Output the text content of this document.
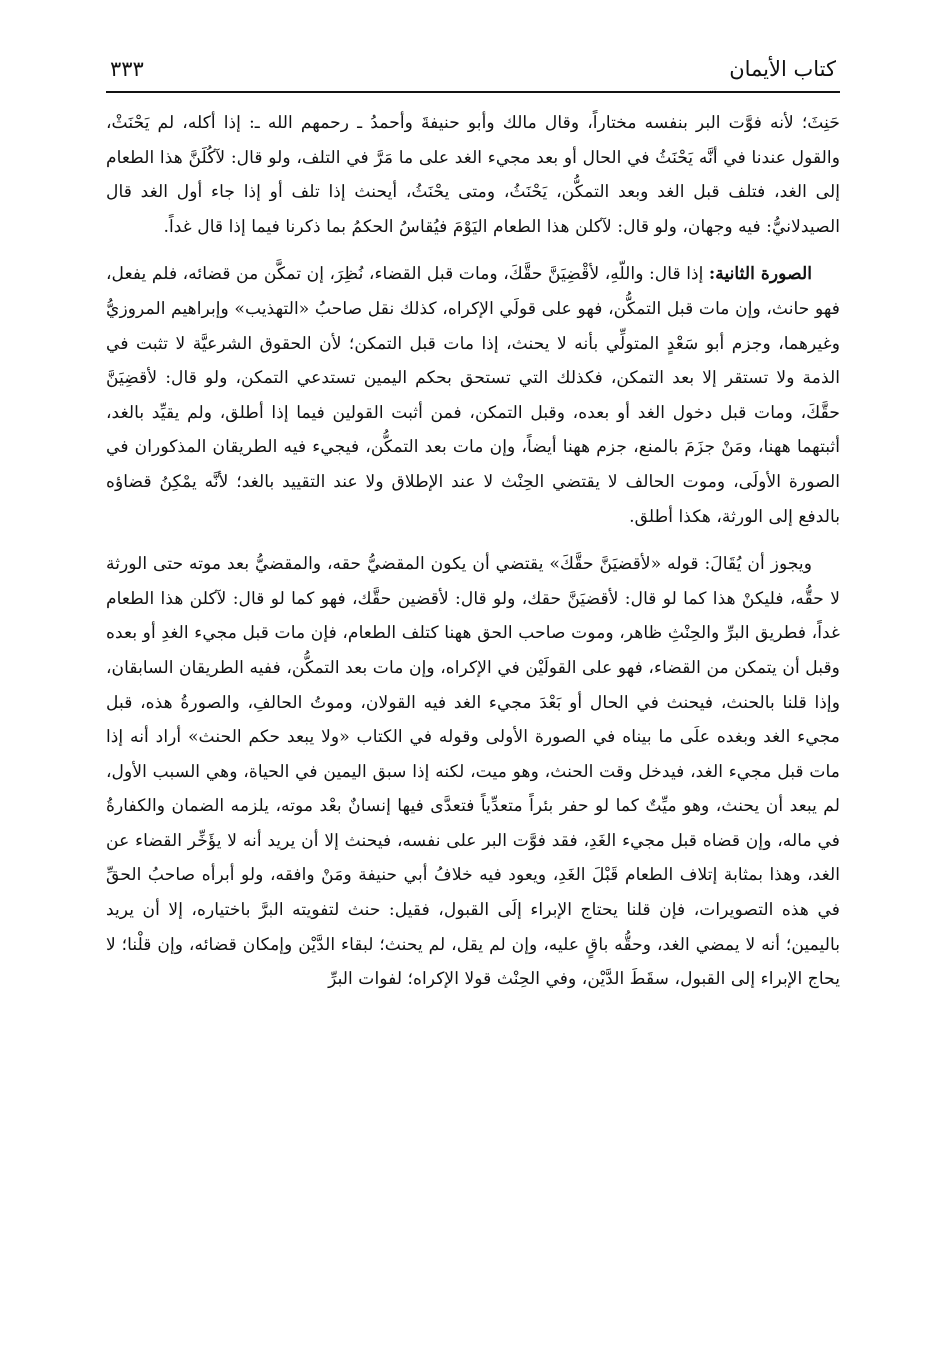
كتاب الأيمان
٣٣٣

حَنِثَ؛ لأنه فوَّت البر بنفسه مختاراً، وقال مالك وأبو حنيفةَ وأحمدُ ـ رحمهم الله ـ: إذا أكله، لم يَحْنَثْ، والقول عندنا في أنَّه يَحْنَثُ في الحال أو بعد مجيء الغد على ما مَرَّ في التلف، ولو قال: لآكُلَنَّ هذا الطعام إلى الغد، فتلف قبل الغد وبعد التمكُّن، يَحْنَثُ، ومتى يحْنَثُ، أيحنث إذا تلف أو إذا جاء أول الغد قال الصيدلانيُّ: فيه وجهان، ولو قال: لآكلن هذا الطعام اليَوْمَ فيُقاسُ الحكمُ بما ذكرنا فيما إذا قال غداً.

الصورة الثانية: إذا قال: واللّهِ، لأقْضِيَنَّ حقَّكَ، ومات قبل القضاء، نُظِرَ، إن تمكَّن من قضائه، فلم يفعل، فهو حانث، وإن مات قبل التمكُّن، فهو على قولَي الإكراه، كذلك نقل صاحبُ «التهذيب» وإبراهيم المروزيُّ وغيرهما، وجزم أبو سَعْدٍ المتولِّي بأنه لا يحنث، إذا مات قبل التمكن؛ لأن الحقوق الشرعيَّة لا تثبت في الذمة ولا تستقر إلا بعد التمكن، فكذلك التي تستحق بحكم اليمين تستدعي التمكن، ولو قال: لأقضِيَنَّ حقَّكَ، ومات قبل دخول الغد أو بعده، وقبل التمكن، فمن أثبت القولين فيما إذا أطلق، ولم يقيِّد بالغد، أثبتهما ههنا، ومَنْ جزَمَ بالمنع، جزم ههنا أيضاً، وإن مات بعد التمكُّن، فيجيء فيه الطريقان المذكوران في الصورة الأولَى، وموت الحالف لا يقتضي الحِنْث لا عند الإطلاق ولا عند التقييد بالغد؛ لأنَّه يمْكِنُ قضاؤه بالدفع إلى الورثة، هكذا أطلق.

ويجوز أن يُقَالَ: قوله «لأقضيَنَّ حقَّكَ» يقتضي أن يكون المقضيُّ حقه، والمقضيُّ بعد موته حتى الورثة لا حقُّه، فليكنْ هذا كما لو قال: لأقضيَنَّ حقك، ولو قال: لأقضين حقَّك، فهو كما لو قال: لآكلن هذا الطعام غداً، فطريق البرِّ والحِنْثِ ظاهر، وموت صاحب الحق ههنا كتلف الطعام، فإن مات قبل مجيء الغدِ أو بعده وقبل أن يتمكن من القضاء، فهو على القولَيْن في الإكراه، وإن مات بعد التمكُّن، ففيه الطريقان السابقان، وإذا قلنا بالحنث، فيحنث في الحال أو بَعْدَ مجيء الغد فيه القولان، وموتُ الحالفِ، والصورةُ هذه، قبل مجيء الغد وبغده علَى ما بيناه في الصورة الأولى وقوله في الكتاب «ولا يبعد حكم الحنث» أراد أنه إذا مات قبل مجيء الغد، فيدخل وقت الحنث، وهو ميت، لكنه إذا سبق اليمين في الحياة، وهي السبب الأول، لم يبعد أن يحنث، وهو ميِّتٌ كما لو حفر بئراً متعدِّياً فتعدَّى فيها إنسانٌ بعْد موته، يلزمه الضمان والكفارةُ في ماله، وإن قضاه قبل مجيء الغَدِ، فقد فوَّت البر على نفسه، فيحنث إلا أن يريد أنه لا يؤَخِّر القضاء عن الغد، وهذا بمثابة إتلاف الطعام قَبْلَ الغَدِ، ويعود فيه خلافُ أبي حنيفة ومَنْ وافقه، ولو أبرأه صاحبُ الحقِّ في هذه التصويرات، فإن قلنا يحتاج الإبراء إلَى القبول، فقيل: حنث لتفويته البرَّ باختياره، إلا أن يريد باليمين؛ أنه لا يمضي الغد، وحقُّه باقٍ عليه، وإن لم يقل، لم يحنث؛ لبقاء الدَّيْن وإمكان قضائه، وإن قلْنا؛ لا يحاج الإبراء إلى القبول، سقَطَ الدَّيْن، وفي الحِنْث قولا الإكراه؛ لفوات البرِّ
